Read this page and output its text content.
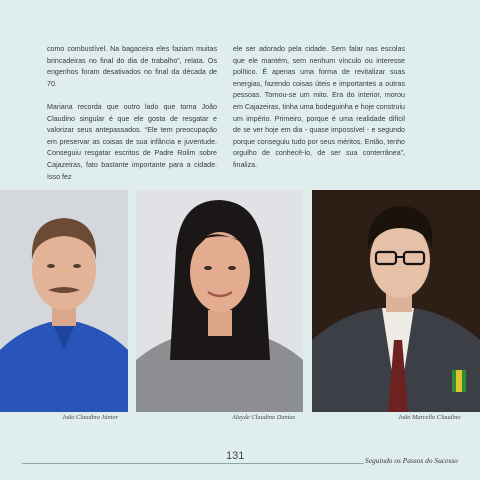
como combustível. Na bagaceira eles faziam muitas brincadeiras no final do dia de trabalho”, relata. Os engenhos foram desativados no final da década de 70.

Mariana recorda que outro lado que torna João Claudino singular é que ele gosta de resgatar e valorizar seus antepassados. “Ele tem preocupação em preservar as coisas de sua infância e juventude. Conseguiu resgatar escritos de Padre Rolim sobre Cajazeiras, fato bastante importante para a cidade. Isso fez

ele ser adorado pela cidade. Sem falar nas escolas que ele mantém, sem nenhum vínculo ou interesse político. É apenas uma forma de revitalizar suas energias, fazendo coisas úteis e importantes a outras pessoas. Tornou-se um mito. Era do interior, morou em Cajazeiras, tinha uma bodeguinha e hoje construiu um império. Primeiro, porque é uma realidade difícil de se ver hoje em dia - quase impossível - e segundo porque conseguiu tudo por seus méritos. Então, tenho orgulho de conhecê-lo, de ser sua conterrânea”, finaliza.

João Claudino Júnior	Alayde Claudino Dantas	João Marcello Claudino
131	Seguindo os Passos do Sucesso
